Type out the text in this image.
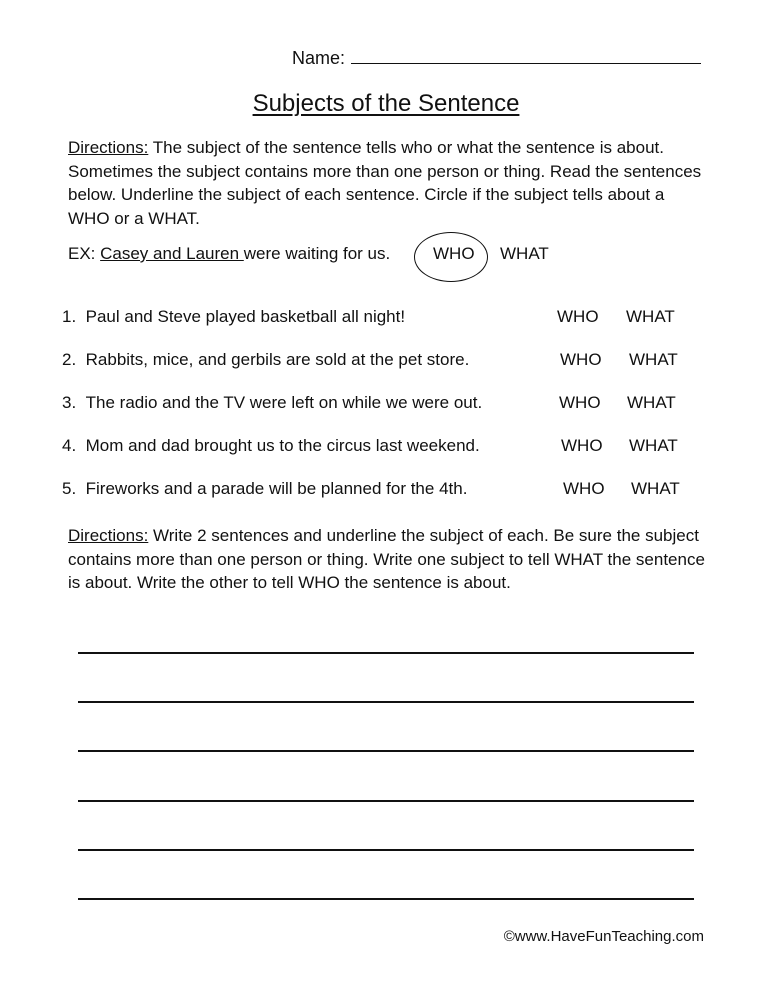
Name:
Subjects of the Sentence
Directions: The subject of the sentence tells who or what the sentence is about. Sometimes the subject contains more than one person or thing. Read the sentences below. Underline the subject of each sentence. Circle if the subject tells about a WHO or a WHAT.
EX: Casey and Lauren were waiting for us.	WHO WHAT
1. Paul and Steve played basketball all night!	WHO WHAT
2. Rabbits, mice, and gerbils are sold at the pet store.	WHO WHAT
3. The radio and the TV were left on while we were out.	WHO WHAT
4. Mom and dad brought us to the circus last weekend.	WHO WHAT
5. Fireworks and a parade will be planned for the 4th.	WHO WHAT
Directions: Write 2 sentences and underline the subject of each. Be sure the subject contains more than one person or thing. Write one subject to tell WHAT the sentence is about. Write the other to tell WHO the sentence is about.
©www.HaveFunTeaching.com
